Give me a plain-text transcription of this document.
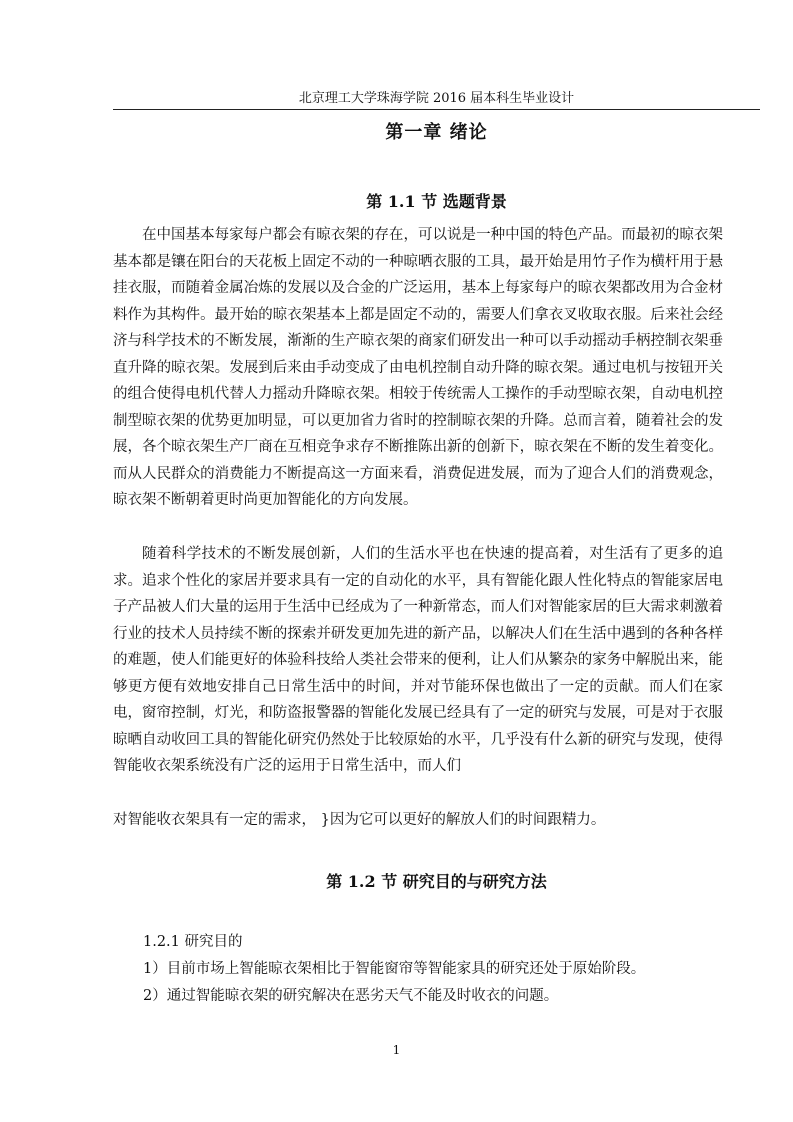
北京理工大学珠海学院 2016 届本科生毕业设计
第一章 绪论
第 1.1 节 选题背景

在中国基本每家每户都会有晾衣架的存在，可以说是一种中国的特色产品。而最初的晾衣架基本都是镶在阳台的天花板上固定不动的一种晾晒衣服的工具，最开始是用竹子作为横杆用于悬挂衣服，而随着金属冶炼的发展以及合金的广泛运用，基本上每家每户的晾衣架都改用为合金材料作为其构件。最开始的晾衣架基本上都是固定不动的，需要人们拿衣叉收取衣服。后来社会经济与科学技术的不断发展，渐渐的生产晾衣架的商家们研发出一种可以手动摇动手柄控制衣架垂直升降的晾衣架。发展到后来由手动变成了由电机控制自动升降的晾衣架。通过电机与按钮开关的组合使得电机代替人力摇动升降晾衣架。相较于传统需人工操作的手动型晾衣架，自动电机控制型晾衣架的优势更加明显，可以更加省力省时的控制晾衣架的升降。总而言着，随着社会的发展，各个晾衣架生产厂商在互相竞争求存不断推陈出新的创新下，晾衣架在不断的发生着变化。而从人民群众的消费能力不断提高这一方面来看，消费促进发展，而为了迎合人们的消费观念，晾衣架不断朝着更时尚更加智能化的方向发展。

随着科学技术的不断发展创新，人们的生活水平也在快速的提高着，对生活有了更多的追求。追求个性化的家居并要求具有一定的自动化的水平，具有智能化跟人性化特点的智能家居电子产品被人们大量的运用于生活中已经成为了一种新常态，而人们对智能家居的巨大需求刺激着行业的技术人员持续不断的探索并研发更加先进的新产品，以解决人们在生活中遇到的各种各样的难题，使人们能更好的体验科技给人类社会带来的便利，让人们从繁杂的家务中解脱出来，能够更方便有效地安排自己日常生活中的时间，并对节能环保也做出了一定的贡献。而人们在家电，窗帘控制，灯光，和防盗报警器的智能化发展已经具有了一定的研究与发展，可是对于衣服晾晒自动收回工具的智能化研究仍然处于比较原始的水平，几乎没有什么新的研究与发现，使得智能收衣架系统没有广泛的运用于日常生活中，而人们

对智能收衣架具有一定的需求， }因为它可以更好的解放人们的时间跟精力。
第 1.2 节 研究目的与研究方法
1.2.1 研究目的
1）目前市场上智能晾衣架相比于智能窗帘等智能家具的研究还处于原始阶段。
2）通过智能晾衣架的研究解决在恶劣天气不能及时收衣的问题。
1
